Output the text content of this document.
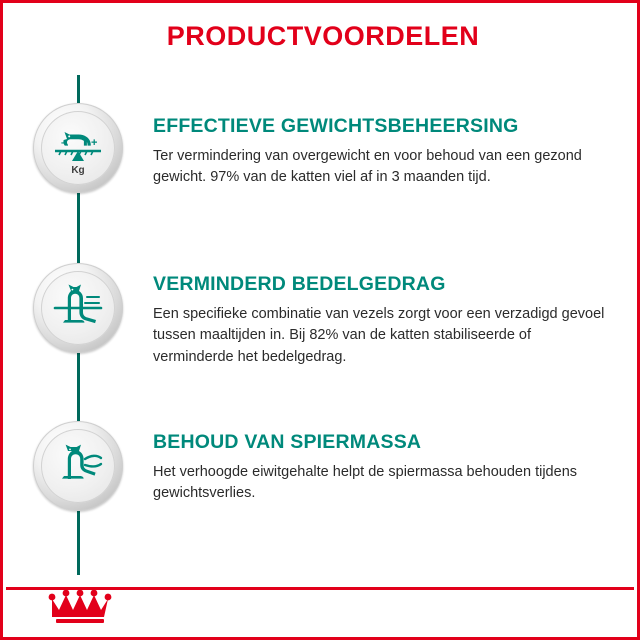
PRODUCTVOORDELEN
– +
Kg

EFFECTIEVE GEWICHTSBEHEERSING

Ter vermindering van overgewicht en voor behoud van een gezond gewicht. 97% van de katten viel af in 3 maanden tijd.

VERMINDERD BEDELGEDRAG

Een specifieke combinatie van vezels zorgt voor een verzadigd gevoel tussen maaltijden in. Bij 82% van de katten stabiliseerde of verminderde het bedelgedrag.

BEHOUD VAN SPIERMASSA

Het verhoogde eiwitgehalte helpt de spiermassa behouden tijdens gewichtsverlies.
